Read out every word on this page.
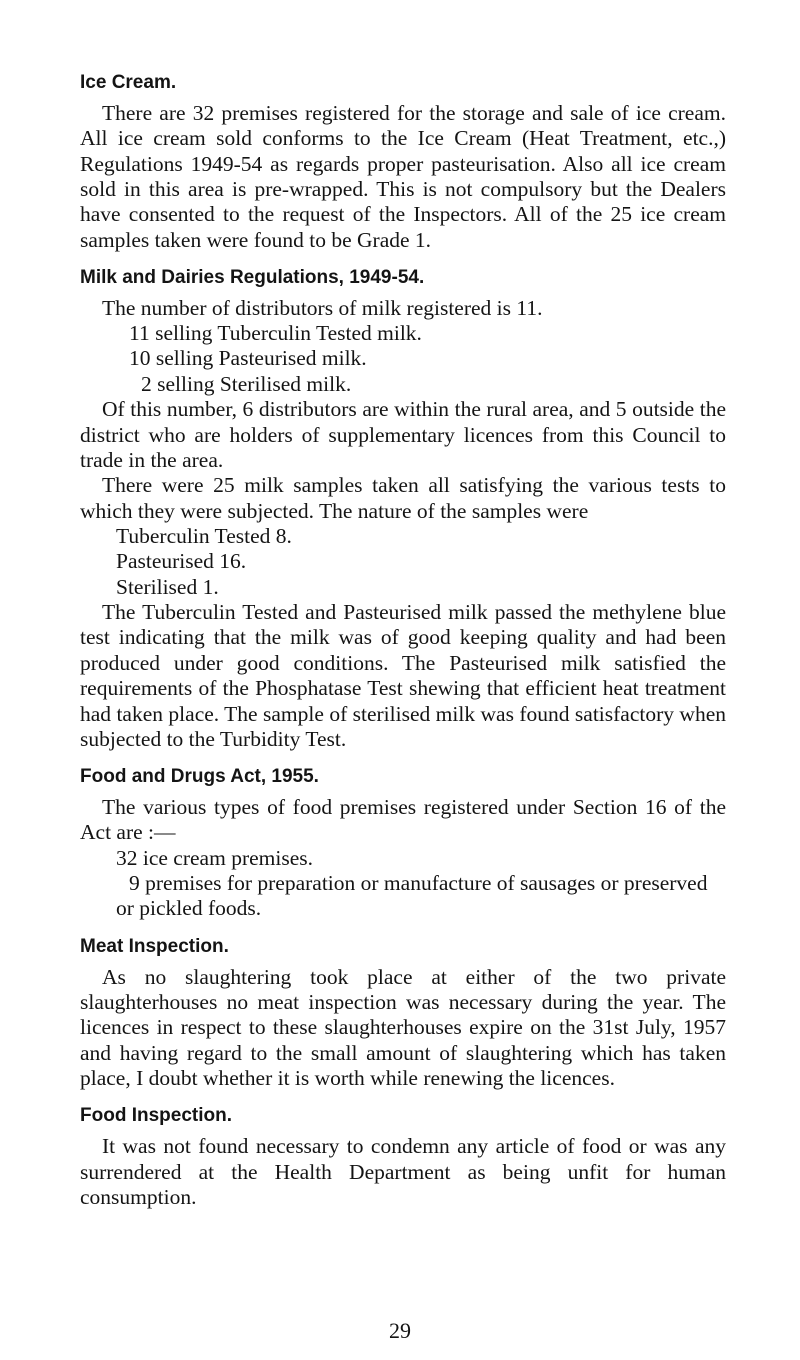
Ice Cream.

There are 32 premises registered for the storage and sale of ice cream. All ice cream sold conforms to the Ice Cream (Heat Treatment, etc.,) Regulations 1949-54 as regards proper pasteurisation. Also all ice cream sold in this area is pre-wrapped. This is not compulsory but the Dealers have consented to the request of the Inspectors. All of the 25 ice cream samples taken were found to be Grade 1.

Milk and Dairies Regulations, 1949-54.

The number of distributors of milk registered is 11.

11 selling Tuberculin Tested milk.
10 selling Pasteurised milk.
2 selling Sterilised milk.

Of this number, 6 distributors are within the rural area, and 5 outside the district who are holders of supplementary licences from this Council to trade in the area.

There were 25 milk samples taken all satisfying the various tests to which they were subjected. The nature of the samples were

Tuberculin Tested 8.
Pasteurised 16.
Sterilised 1.

The Tuberculin Tested and Pasteurised milk passed the methylene blue test indicating that the milk was of good keeping quality and had been produced under good conditions. The Pasteurised milk satisfied the requirements of the Phosphatase Test shewing that efficient heat treatment had taken place. The sample of sterilised milk was found satisfactory when subjected to the Turbidity Test.

Food and Drugs Act, 1955.

The various types of food premises registered under Section 16 of the Act are :—

32 ice cream premises.
9 premises for preparation or manufacture of sausages or preserved or pickled foods.
Meat Inspection.

As no slaughtering took place at either of the two private slaughterhouses no meat inspection was necessary during the year. The licences in respect to these slaughterhouses expire on the 31st July, 1957 and having regard to the small amount of slaughtering which has taken place, I doubt whether it is worth while renewing the licences.

Food Inspection.

It was not found necessary to condemn any article of food or was any surrendered at the Health Department as being unfit for human consumption.

29
